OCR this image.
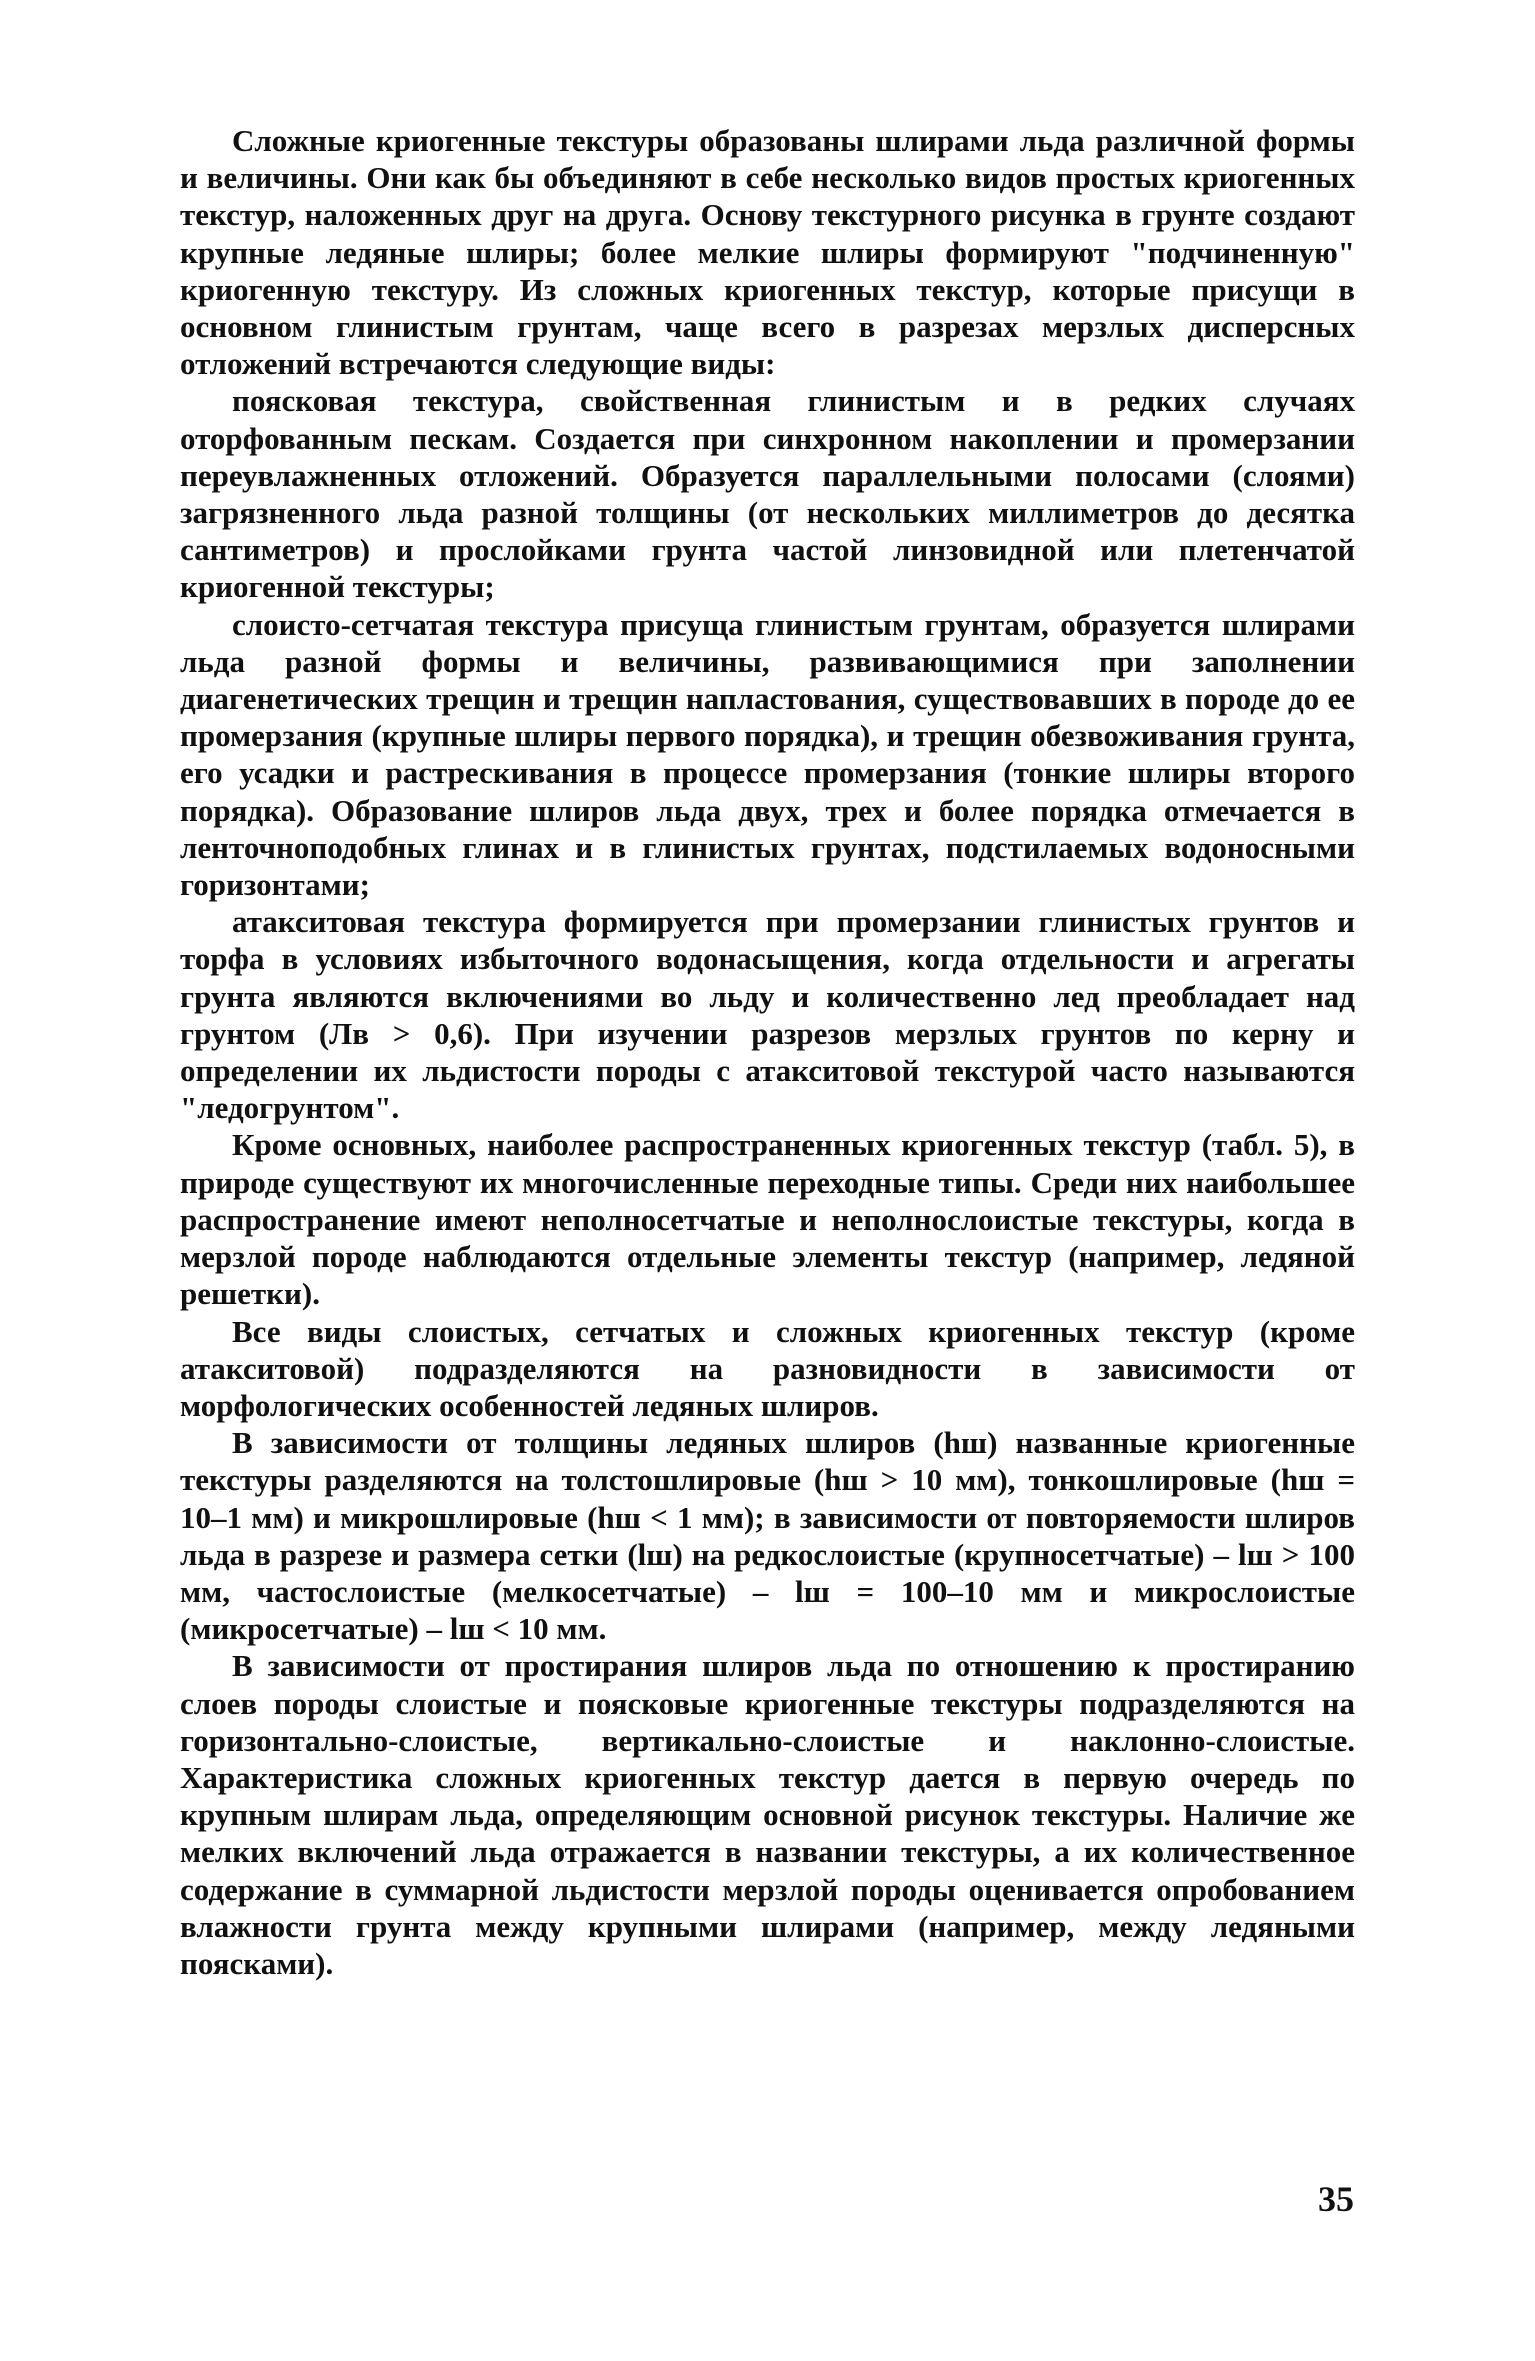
Сложные криогенные текстуры образованы шлирами льда различной формы и величины. Они как бы объединяют в себе несколько видов простых криогенных текстур, наложенных друг на друга. Основу текстурного рисунка в грунте создают крупные ледяные шлиры; более мелкие шлиры формируют "подчиненную" криогенную текстуру. Из сложных криогенных текстур, которые присущи в основном глинистым грунтам, чаще всего в разрезах мерзлых дисперсных отложений встречаются следующие виды:

поясковая текстура, свойственная глинистым и в редких случаях оторфованным пескам. Создается при синхронном накоплении и промерзании переувлажненных отложений. Образуется параллельными полосами (слоями) загрязненного льда разной толщины (от нескольких миллиметров до десятка сантиметров) и прослойками грунта частой линзовидной или плетенчатой криогенной текстуры;

слоисто-сетчатая текстура присуща глинистым грунтам, образуется шлирами льда разной формы и величины, развивающимися при заполнении диагенетических трещин и трещин напластования, существовавших в породе до ее промерзания (крупные шлиры первого порядка), и трещин обезвоживания грунта, его усадки и растрескивания в процессе промерзания (тонкие шлиры второго порядка). Образование шлиров льда двух, трех и более порядка отмечается в ленточноподобных глинах и в глинистых грунтах, подстилаемых водоносными горизонтами;

атакситовая текстура формируется при промерзании глинистых грунтов и торфа в условиях избыточного водонасыщения, когда отдельности и агрегаты грунта являются включениями во льду и количественно лед преобладает над грунтом (Лв > 0,6). При изучении разрезов мерзлых грунтов по керну и определении их льдистости породы с атакситовой текстурой часто называются "ледогрунтом".

Кроме основных, наиболее распространенных криогенных текстур (табл. 5), в природе существуют их многочисленные переходные типы. Среди них наибольшее распространение имеют неполносетчатые и неполнослоистые текстуры, когда в мерзлой породе наблюдаются отдельные элементы текстур (например, ледяной решетки).

Все виды слоистых, сетчатых и сложных криогенных текстур (кроме атакситовой) подразделяются на разновидности в зависимости от морфологических особенностей ледяных шлиров.

В зависимости от толщины ледяных шлиров (hш) названные криогенные текстуры разделяются на толстошлировые (hш > 10 мм), тонкошлировые (hш = 10–1 мм) и микрошлировые (hш < 1 мм); в зависимости от повторяемости шлиров льда в разрезе и размера сетки (lш) на редкослоистые (крупносетчатые) – lш > 100 мм, частослоистые (мелкосетчатые) – lш = 100–10 мм и микрослоистые (микросетчатые) – lш < 10 мм.

В зависимости от простирания шлиров льда по отношению к простиранию слоев породы слоистые и поясковые криогенные текстуры подразделяются на горизонтально-слоистые, вертикально-слоистые и наклонно-слоистые. Характеристика сложных криогенных текстур дается в первую очередь по крупным шлирам льда, определяющим основной рисунок текстуры. Наличие же мелких включений льда отражается в названии текстуры, а их количественное содержание в суммарной льдистости мерзлой породы оценивается опробованием влажности грунта между крупными шлирами (например, между ледяными поясками).

35
